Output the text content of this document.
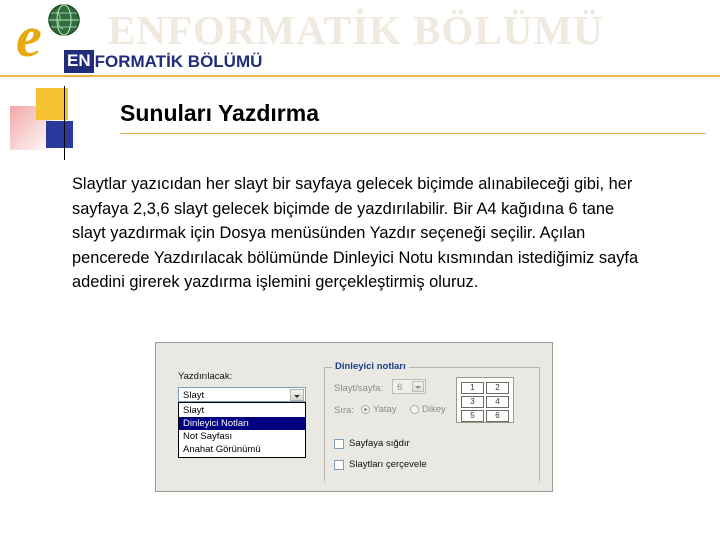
ENFORMATİK BÖLÜMÜ
e EN FORMATİK BÖLÜMÜ
Sunuları Yazdırma
Slaytlar yazıcıdan her slayt bir sayfaya gelecek biçimde alınabileceği gibi, her sayfaya 2,3,6 slayt gelecek biçimde de yazdırılabilir. Bir A4 kağıdına 6 tane slayt yazdırmak için Dosya menüsünden Yazdır seçeneği seçilir. Açılan pencerede Yazdırılacak bölümünde Dinleyici Notu kısmından istediğimiz sayfa adedini girerek yazdırma işlemini gerçekleştirmiş oluruz.
Yazdırılacak:
Slayt
Slayt
Dinleyici Notları
Not Sayfası
Anahat Görünümü
Dinleyici notları
Slayt/sayfa: 6
Sıra: Yatay	Dikey
1	2
3	4
5	6
Sayfaya sığdır
Slaytları çerçevele
